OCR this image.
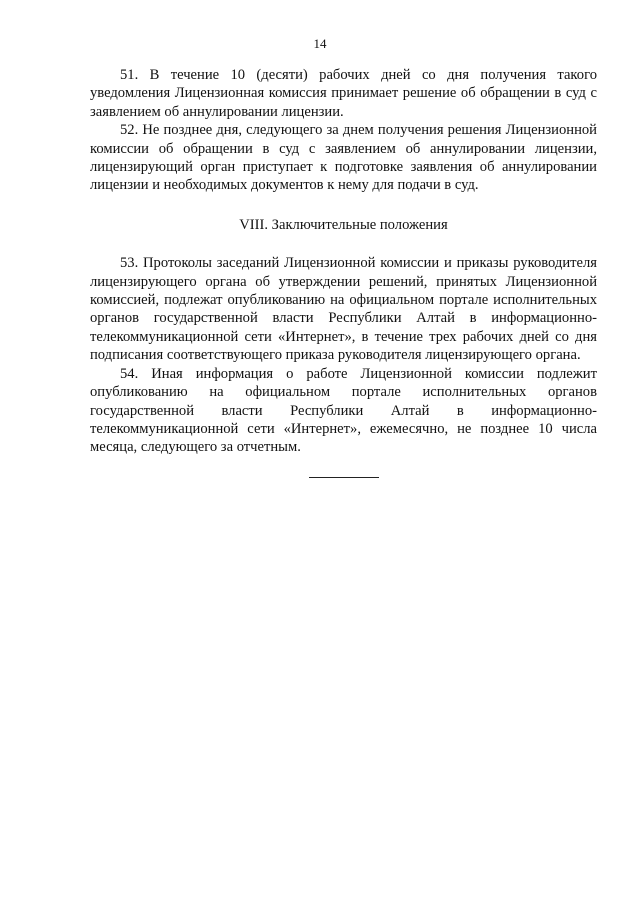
14

51. В течение 10 (десяти) рабочих дней со дня получения такого уведомления Лицензионная комиссия принимает решение об обращении в суд с заявлением об аннулировании лицензии.

52. Не позднее дня, следующего за днем получения решения Лицензионной комиссии об обращении в суд с заявлением об аннулировании лицензии, лицензирующий орган приступает к подготовке заявления об аннулировании лицензии и необходимых документов к нему для подачи в суд.

VIII. Заключительные положения

53. Протоколы заседаний Лицензионной комиссии и приказы руководителя лицензирующего органа об утверждении решений, принятых Лицензионной комиссией, подлежат опубликованию на официальном портале исполнительных органов государственной власти Республики Алтай в информационно-телекоммуникационной сети «Интернет», в течение трех рабочих дней со дня подписания соответствующего приказа руководителя лицензирующего органа.

54. Иная информация о работе Лицензионной комиссии подлежит опубликованию на официальном портале исполнительных органов государственной власти Республики Алтай в информационно-телекоммуникационной сети «Интернет», ежемесячно, не позднее 10 числа месяца, следующего за отчетным.
